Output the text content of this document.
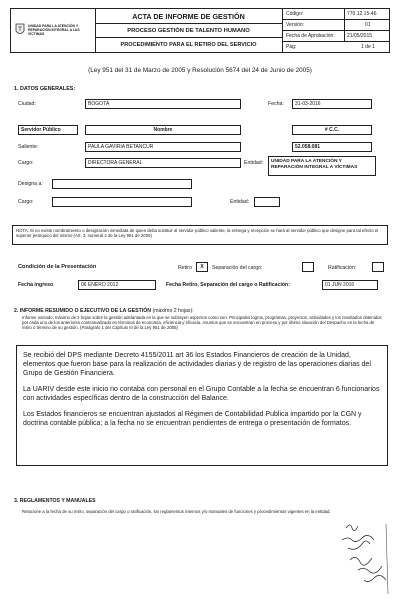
UNIDAD PARA LA ATENCIÓN Y REPARACIÓN INTEGRAL A LAS VÍCTIMAS
ACTA DE INFORME DE GESTIÓN
PROCESO GESTIÓN DE TALENTO HUMANO
PROCEDIMIENTO PARA EL RETIRO DEL SERVICIO
Código:	770.12.15-46
Versión:	01
Fecha de Aprobación: 21/05/2015
Pág:	1 de 1
(Ley 951 del 31 de Marzo de 2005 y Resolución 5674 del 24 de Junio de 2005)
1. DATOS GENERALES:
Ciudad:	BOGOTÁ	Fecha:	31-03-2016
Servidor Público	Nombre	# C.C.
Saliente:	PAULA GAVIRIA BETANCUR	52.058.081
Cargo:	DIRECTORA GENERAL	Entidad: UNIDAD PARA LA ATENCIÓN Y REPARACIÓN INTEGRAL A VÍCTIMAS
Designa a:
Cargo:	Entidad:
NOTA: Si no existe nombramiento o designación inmediata de quien deba sustituir al servidor público saliente, la entrega y recepción se hará al servidor público que designe para tal efecto el superior jerárquico del mismo (Art. 3, numeral 2 de la Ley 951 de 2005)
Condición de la Presentación	Retiro	X	Separación del cargo:	Ratificación:
Fecha ingreso	06 ENERO 2012	Fecha Retiro, Separación del cargo o Ratificación:	01 JUN 2016
2. INFORME RESUMIDO O EJECUTIVO DE LA GESTIÓN (máximo 2 hojas):
Informe narrado, máximo de 2 hojas sobre la gestión adelantada en la que se subrayen aspectos como son: Principales logros, programas, proyectos, actividades y los resultados obtenidos por cada uno de los anteriores contextualizado en términos de economía, eficiencia y eficacia. Asuntos que se encuentran en proceso y por último situación del Despacho en la fecha de retiro o término de su gestión. (Parágrafo 1 del Capítulo III de la Ley 951 de 2005)

Se recibió del DPS mediante Decreto 4155/2011 art 36 los Estados Financieros de creación de la Unidad, elementos que fueron base para la realización de actividades diarias y de registro de las operaciones diarias del Grupo de Gestión Financiera.

La UARIV desde este inicio no contaba con personal en el Grupo Contable a la fecha se encuentran 6 funcionarios con actividades específicas dentro de la construcción del Balance.

Los Estados financieros se encuentran ajustados al Régimen de Contabilidad Publica impartido por la CGN y doctrina contable pública; a la fecha no se encuentran pendientes de entrega o presentación de formatos.

3. REGLAMENTOS Y MANUALES
Relacione a la fecha de su retiro, separación del cargo o ratificación, los reglamentos internos y/o manuales de funciones y procedimientos vigentes en la entidad.
